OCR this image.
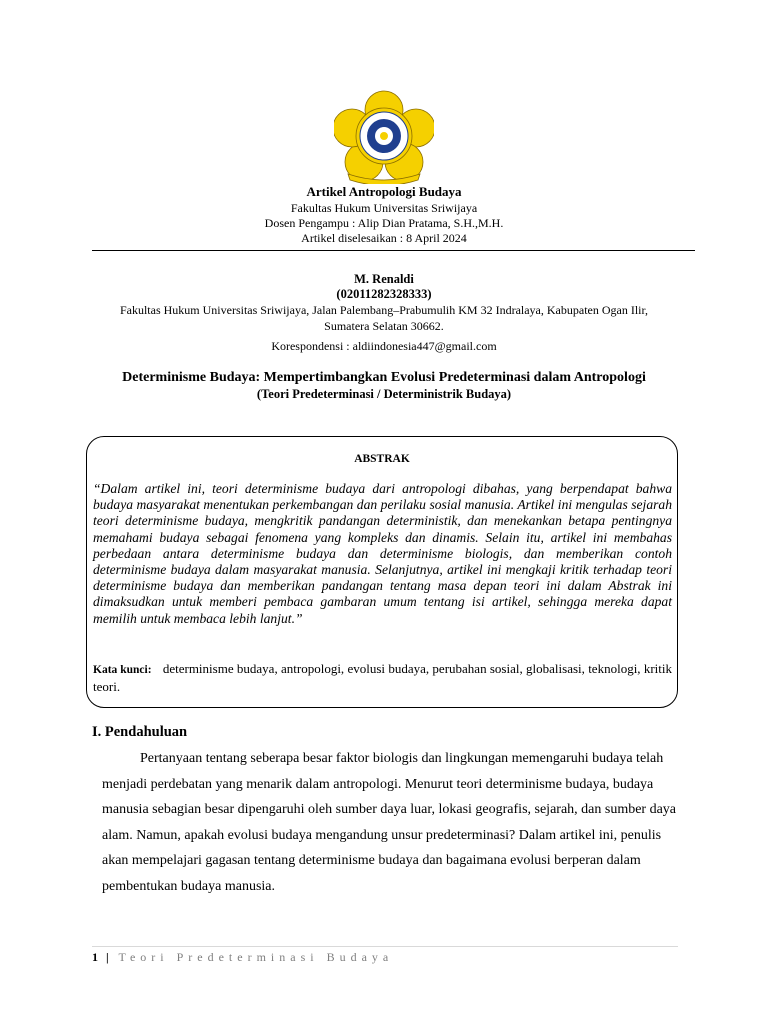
Artikel Antropologi Budaya
Fakultas Hukum Universitas Sriwijaya
Dosen Pengampu : Alip Dian Pratama, S.H.,M.H.
Artikel diselesaikan : 8 April 2024
M. Renaldi
(02011282328333)
Fakultas Hukum Universitas Sriwijaya, Jalan Palembang–Prabumulih KM 32 Indralaya, Kabupaten Ogan Ilir,
Sumatera Selatan 30662.
Korespondensi : aldiindonesia447@gmail.com
Determinisme Budaya: Mempertimbangkan Evolusi Predeterminasi dalam Antropologi
(Teori Predeterminasi / Deterministrik Budaya)
ABSTRAK
“Dalam artikel ini, teori determinisme budaya dari antropologi dibahas, yang berpendapat bahwa budaya masyarakat menentukan perkembangan dan perilaku sosial manusia. Artikel ini mengulas sejarah teori determinisme budaya, mengkritik pandangan deterministik, dan menekankan betapa pentingnya memahami budaya sebagai fenomena yang kompleks dan dinamis. Selain itu, artikel ini membahas perbedaan antara determinisme budaya dan determinisme biologis, dan memberikan contoh determinisme budaya dalam masyarakat manusia. Selanjutnya, artikel ini mengkaji kritik terhadap teori determinisme budaya dan memberikan pandangan tentang masa depan teori ini dalam Abstrak ini dimaksudkan untuk memberi pembaca gambaran umum tentang isi artikel, sehingga mereka dapat memilih untuk membaca lebih lanjut.”
Kata kunci: determinisme budaya, antropologi, evolusi budaya, perubahan sosial, globalisasi, teknologi, kritik teori.
I. Pendahuluan

Pertanyaan tentang seberapa besar faktor biologis dan lingkungan memengaruhi budaya telah menjadi perdebatan yang menarik dalam antropologi. Menurut teori determinisme budaya, budaya manusia sebagian besar dipengaruhi oleh sumber daya luar, lokasi geografis, sejarah, dan sumber daya alam. Namun, apakah evolusi budaya mengandung unsur predeterminasi? Dalam artikel ini, penulis akan mempelajari gagasan tentang determinisme budaya dan bagaimana evolusi berperan dalam pembentukan budaya manusia.

1 | Teori Predeterminasi Budaya
